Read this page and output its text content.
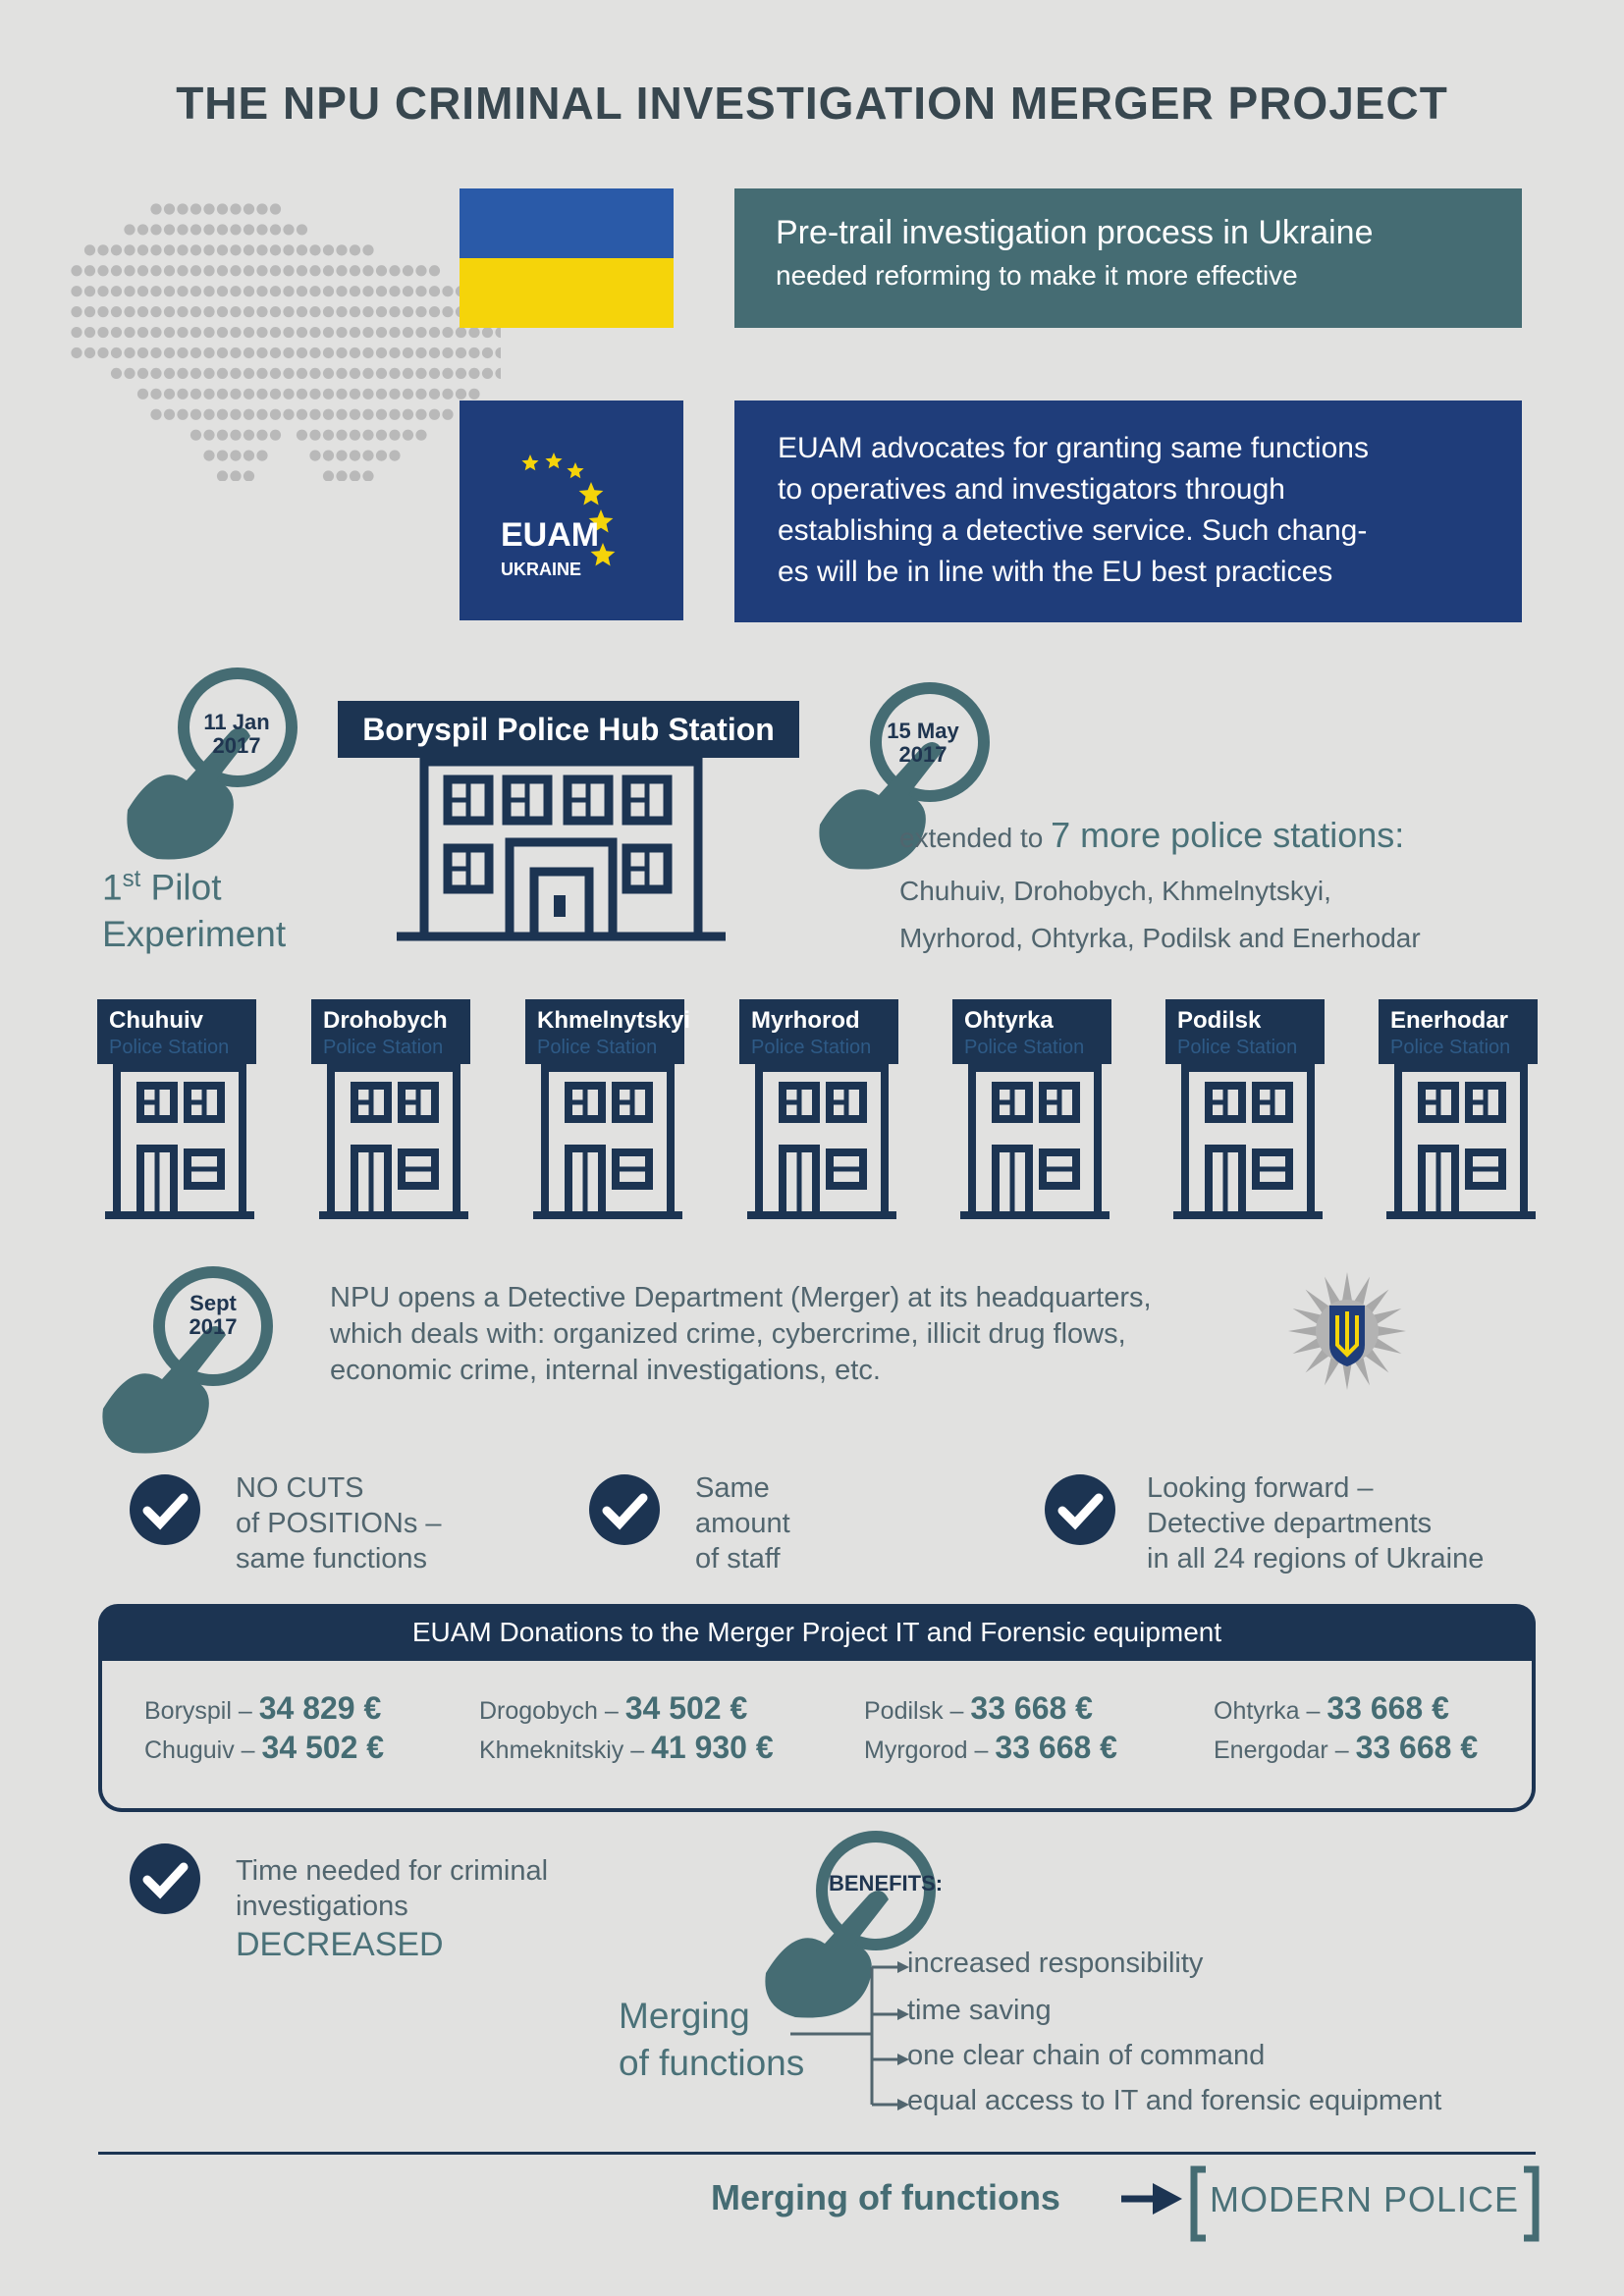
THE NPU CRIMINAL INVESTIGATION MERGER PROJECT
Pre-trail investigation process in Ukraine
needed reforming to make it more effective
EUAM
UKRAINE
EUAM advocates for granting same functions
to operatives and investigators through
establishing a detective service. Such chang-
es will be in line with the EU best practices
11 Jan
2017
1st Pilot
Experiment
Boryspil Police Hub Station	15 May
2017
extended to 7 more police stations:
Chuhuiv, Drohobych, Khmelnytskyi,
Myrhorod, Ohtyrka, Podilsk and Enerhodar
Chuhuiv
Police Station
Drohobych
Police Station
Khmelnytskyi
Police Station
Myrhorod
Police Station
Ohtyrka
Police Station
Podilsk
Police Station
Enerhodar
Police Station
Sept
2017
NPU opens a Detective Department (Merger) at its headquarters,
which deals with: organized crime, cybercrime, illicit drug flows,
economic crime, internal investigations, etc.
NO CUTS
of POSITIONs –
same functions
Same
amount
of staff
Looking forward –
Detective departments
in all 24 regions of Ukraine
EUAM Donations to the Merger Project IT and Forensic equipment
Boryspil – 34 829 €
Chuguiv – 34 502 €
Drogobych – 34 502 €
Khmeknitskiy – 41 930 €
Podilsk – 33 668 €
Myrgorod – 33 668 €
Ohtyrka – 33 668 €
Energodar – 33 668 €
Time needed for criminal
investigations
DECREASED
BENEFITS:
Merging
of functions
increased responsibility
time saving
one clear chain of command
equal access to IT and forensic equipment
Merging of functions	MODERN POLICE
